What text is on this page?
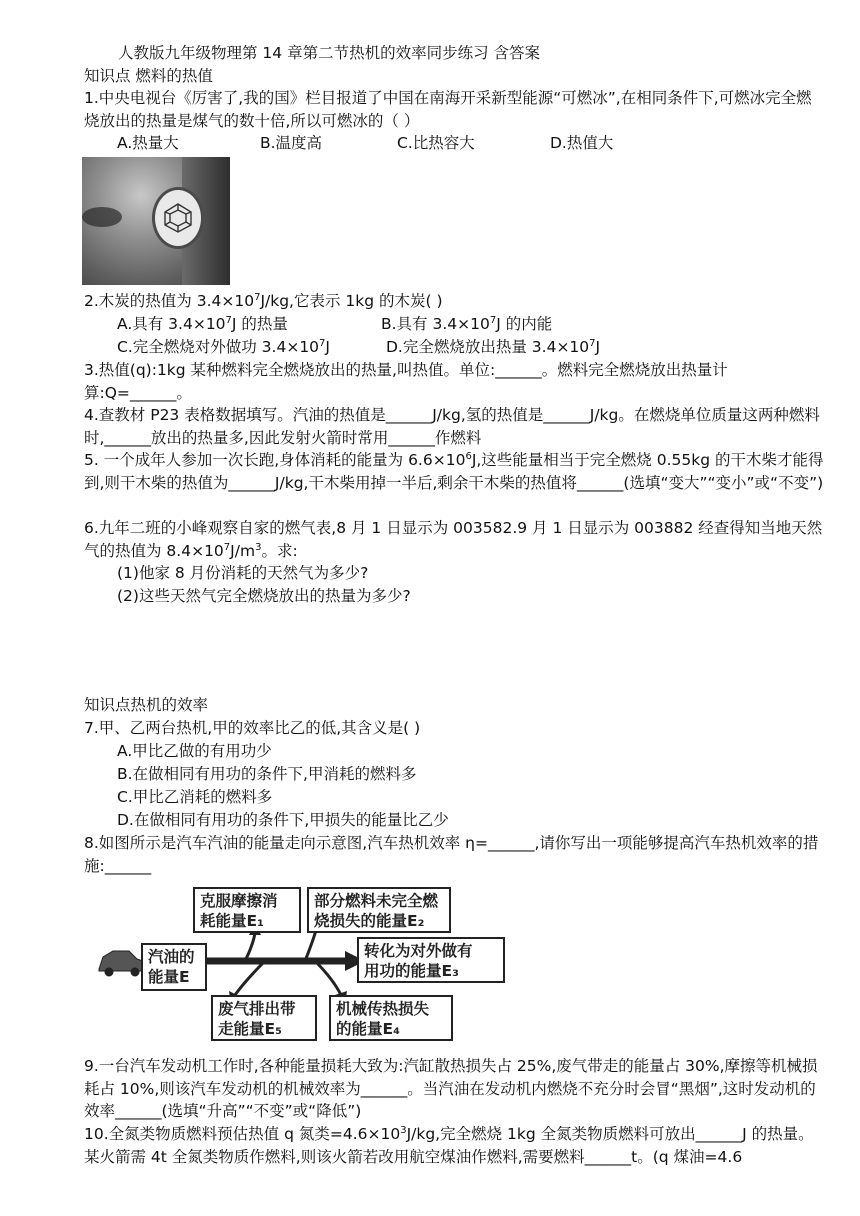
人教版九年级物理第 14 章第二节热机的效率同步练习 含答案
知识点 燃料的热值
1.中央电视台《厉害了,我的国》栏目报道了中国在南海开采新型能源“可燃冰”,在相同条件下,可燃冰完全燃烧放出的热量是煤气的数十倍,所以可燃冰的（ ）
A.热量大	B.温度高	C.比热容大	D.热值大
2.木炭的热值为 $3.4\times 10^7J/kg$,它表示 1kg 的木炭( )
A.具有 $3.4\times 10^7J$ 的热量	B.具有 $3.4\times 10^7J$ 的内能
C.完全燃烧对外做功 $3.4\times 10^7J$	D.完全燃烧放出热量 $3.4\times 10^7J$
3.热值(q):1kg 某种燃料完全燃烧放出的热量,叫热值。单位:______。燃料完全燃烧放出热量计算:Q=______。
4.查教材 P23 表格数据填写。汽油的热值是______J/kg,氢的热值是______J/kg。在燃烧单位质量这两种燃料时,______放出的热量多,因此发射火箭时常用______作燃料
5. 一个成年人参加一次长跑,身体消耗的能量为 $6.6\times 10^6J$,这些能量相当于完全燃烧 0.55kg 的干木柴才能得到,则干木柴的热值为______J/kg,干木柴用掉一半后,剩余干木柴的热值将______(选填“变大”“变小”或“不变”)
6.九年二班的小峰观察自家的燃气表,8 月 1 日显示为 003582.9 月 1 日显示为 003882 经查得知当地天然气的热值为 $8.4\times 10^7J/m^3$。求:
(1)他家 8 月份消耗的天然气为多少?
(2)这些天然气完全燃烧放出的热量为多少?
知识点热机的效率
7.甲、乙两台热机,甲的效率比乙的低,其含义是( )
A.甲比乙做的有用功少
B.在做相同有用功的条件下,甲消耗的燃料多
C.甲比乙消耗的燃料多
D.在做相同有用功的条件下,甲损失的能量比乙少
8.如图所示是汽车汽油的能量走向示意图,汽车热机效率 η=______,请你写出一项能够提高汽车热机效率的措施:______
汽油的
能量E
克服摩擦消
耗能量E₁
部分燃料未完全燃
烧损失的能量E₂
转化为对外做有
用功的能量E₃
机械传热损失
的能量E₄
废气排出带
走能量E₅
9.一台汽车发动机工作时,各种能量损耗大致为:汽缸散热损失占 25%,废气带走的能量占 30%,摩擦等机械损耗占 10%,则该汽车发动机的机械效率为______。当汽油在发动机内燃烧不充分时会冒“黑烟”,这时发动机的效率______(选填“升高”“不变”或“降低”)
10.全氮类物质燃料预估热值 q 氮类$=4.6\times 10^3J/kg$,完全燃烧 1kg 全氮类物质燃料可放出______J 的热量。某火箭需 4t 全氮类物质作燃料,则该火箭若改用航空煤油作燃料,需要燃料______t。(q 煤油=4.6
